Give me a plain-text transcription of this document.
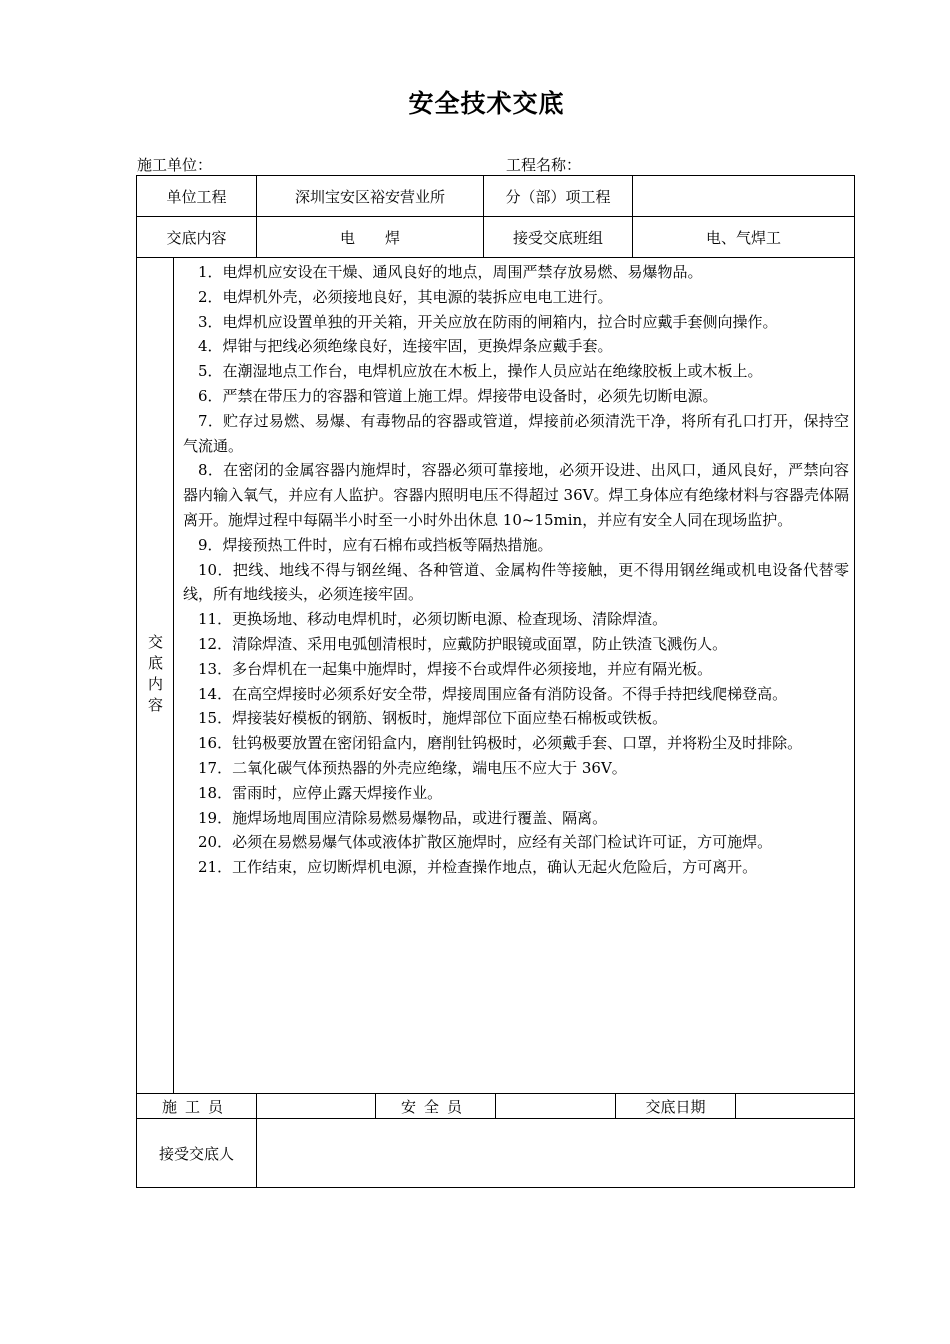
安全技术交底
施工单位：	工程名称：
单位工程	深圳宝安区裕安营业所	分（部）项工程
交底内容	电　　焊	接受交底班组	电、气焊工
交底内容

1．电焊机应安设在干燥、通风良好的地点，周围严禁存放易燃、易爆物品。

2．电焊机外壳，必须接地良好，其电源的装拆应电电工进行。

3．电焊机应设置单独的开关箱，开关应放在防雨的闸箱内，拉合时应戴手套侧向操作。

4．焊钳与把线必须绝缘良好，连接牢固，更换焊条应戴手套。

5．在潮湿地点工作台，电焊机应放在木板上，操作人员应站在绝缘胶板上或木板上。

6．严禁在带压力的容器和管道上施工焊。焊接带电设备时，必须先切断电源。

7．贮存过易燃、易爆、有毒物品的容器或管道，焊接前必须清洗干净，将所有孔口打开，保持空气流通。

8．在密闭的金属容器内施焊时，容器必须可靠接地，必须开设进、出风口，通风良好，严禁向容器内输入氧气，并应有人监护。容器内照明电压不得超过 36V。焊工身体应有绝缘材料与容器壳体隔离开。施焊过程中每隔半小时至一小时外出休息 10~15min，并应有安全人同在现场监护。

9．焊接预热工件时，应有石棉布或挡板等隔热措施。

10．把线、地线不得与钢丝绳、各种管道、金属构件等接触，更不得用钢丝绳或机电设备代替零线，所有地线接头，必须连接牢固。

11．更换场地、移动电焊机时，必须切断电源、检查现场、清除焊渣。

12．清除焊渣、采用电弧刨清根时，应戴防护眼镜或面罩，防止铁渣飞溅伤人。

13．多台焊机在一起集中施焊时，焊接不台或焊件必须接地，并应有隔光板。

14．在高空焊接时必须系好安全带，焊接周围应备有消防设备。不得手持把线爬梯登高。

15．焊接装好模板的钢筋、钢板时，施焊部位下面应垫石棉板或铁板。

16．钍钨极要放置在密闭铅盒内，磨削钍钨极时，必须戴手套、口罩，并将粉尘及时排除。

17．二氧化碳气体预热器的外壳应绝缘，端电压不应大于 36V。

18．雷雨时，应停止露天焊接作业。

19．施焊场地周围应清除易燃易爆物品，或进行覆盖、隔离。

20．必须在易燃易爆气体或液体扩散区施焊时，应经有关部门检试许可证，方可施焊。

21．工作结束，应切断焊机电源，并检查操作地点，确认无起火危险后，方可离开。

施工员	安全员	交底日期
接受交底人
